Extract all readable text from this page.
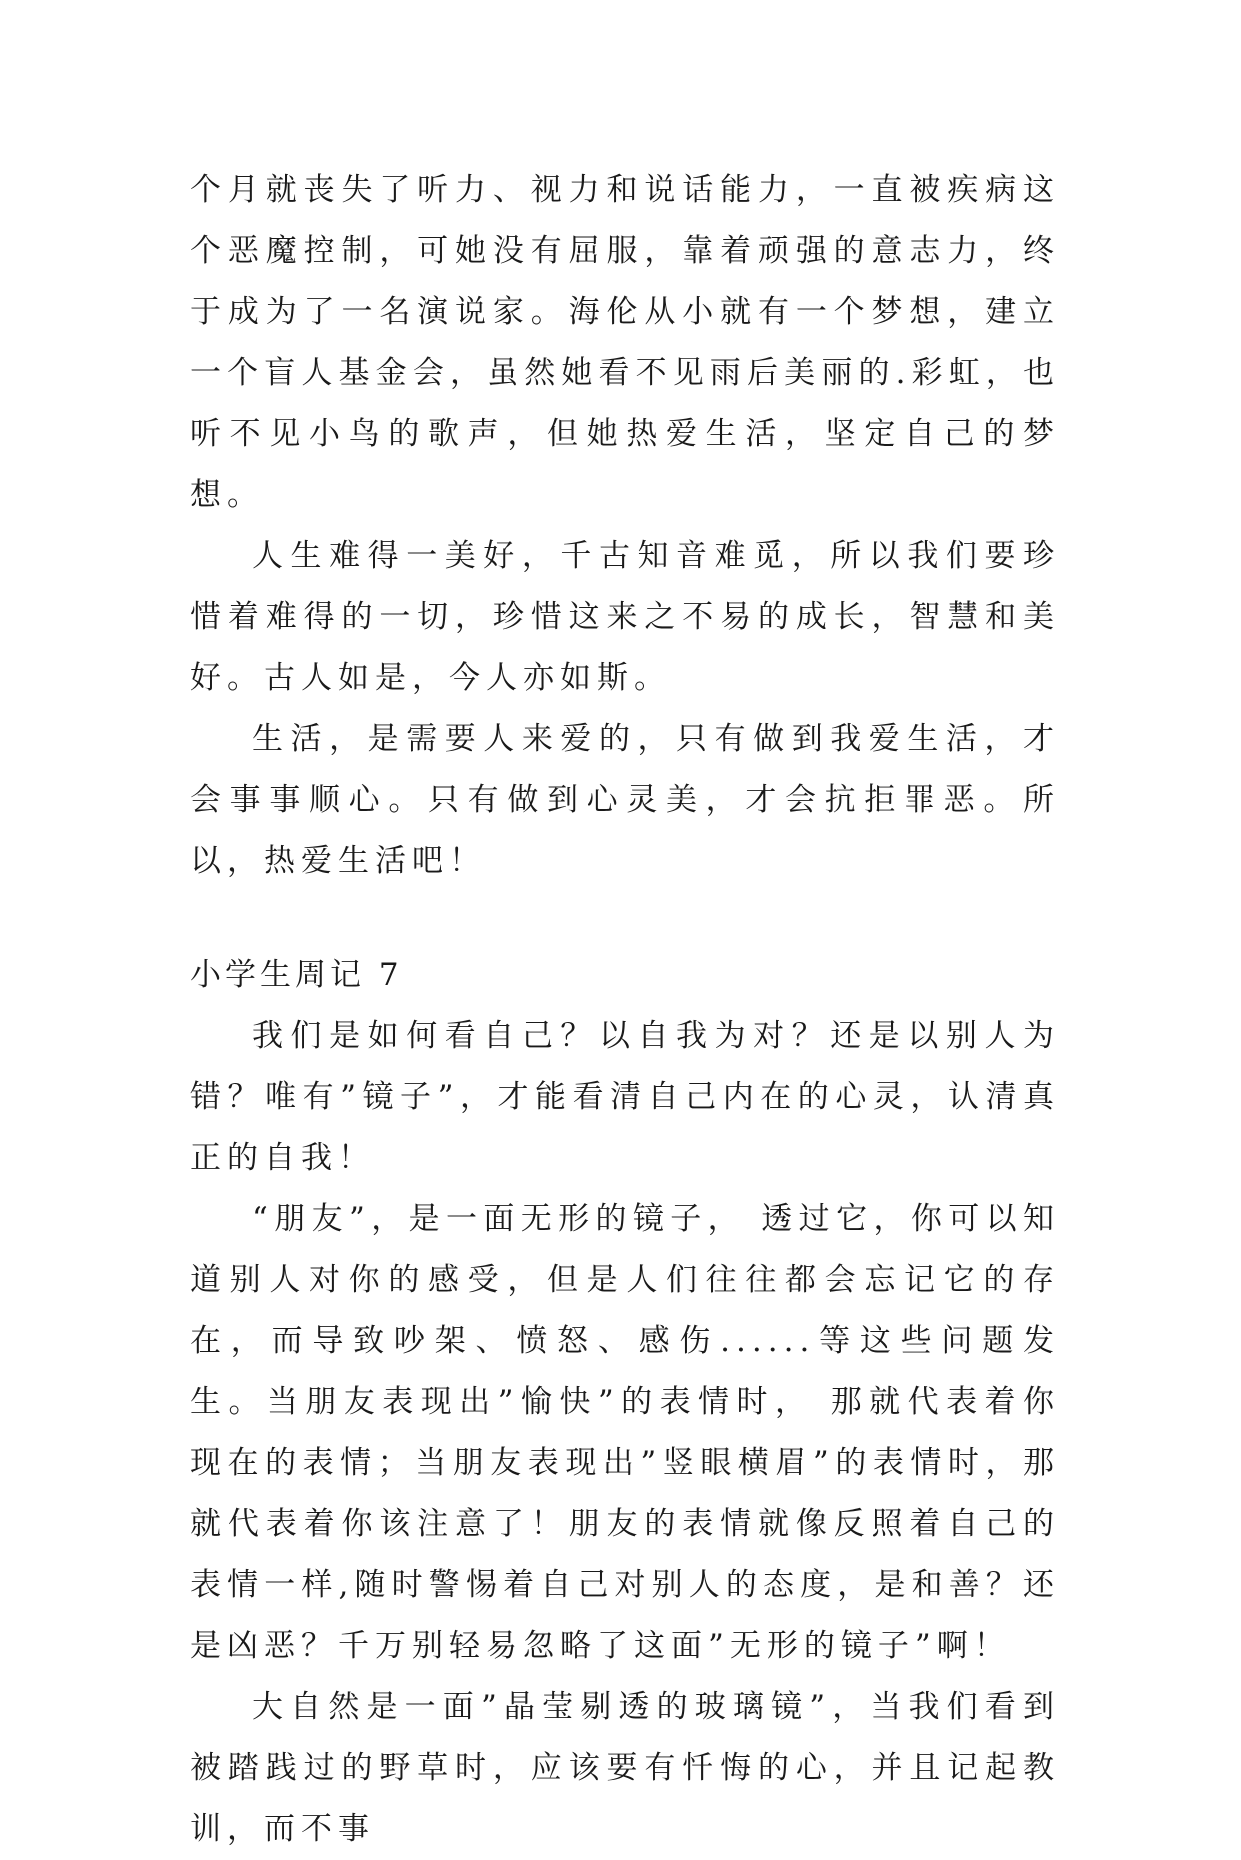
个月就丧失了听力、视力和说话能力，一直被疾病这个恶魔控制，可她没有屈服，靠着顽强的意志力，终于成为了一名演说家。海伦从小就有一个梦想，建立一个盲人基金会，虽然她看不见雨后美丽的.彩虹，也听不见小鸟的歌声，但她热爱生活，坚定自己的梦想。

人生难得一美好，千古知音难觅，所以我们要珍惜着难得的一切，珍惜这来之不易的成长，智慧和美好。古人如是，今人亦如斯。

生活，是需要人来爱的，只有做到我爱生活，才会事事顺心。只有做到心灵美，才会抗拒罪恶。所以，热爱生活吧！

小学生周记 7

我们是如何看自己？以自我为对？还是以别人为错？唯有”镜子”，才能看清自己内在的心灵，认清真正的自我！

“朋友”，是一面无形的镜子， 透过它，你可以知道别人对你的感受，但是人们往往都会忘记它的存在，而导致吵架、愤怒、感伤......等这些问题发生。当朋友表现出”愉快”的表情时， 那就代表着你现在的表情；当朋友表现出”竖眼横眉”的表情时，那就代表着你该注意了！朋友的表情就像反照着自己的表情一样,随时警惕着自己对别人的态度，是和善？还是凶恶？千万别轻易忽略了这面”无形的镜子”啊！

大自然是一面”晶莹剔透的玻璃镜”，当我们看到被踏践过的野草时，应该要有忏悔的心，并且记起教训，而不事
